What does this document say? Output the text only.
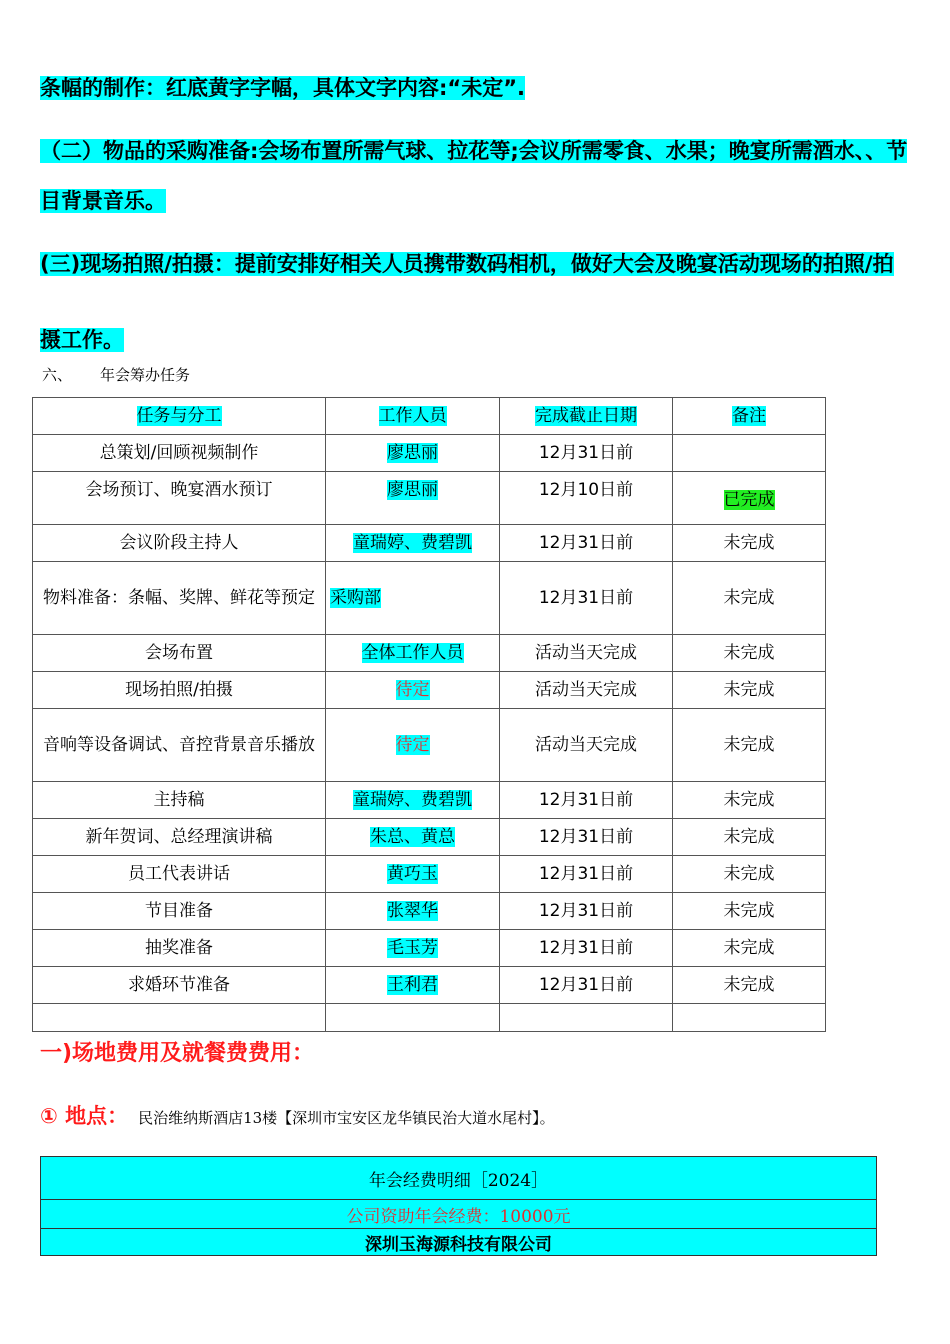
条幅的制作：红底黄字字幅，具体文字内容:“未定”.

（二）物品的采购准备:会场布置所需气球、拉花等;会议所需零食、水果；晚宴所需酒水、、节目背景音乐。

(三)现场拍照/拍摄：提前安排好相关人员携带数码相机，做好大会及晚宴活动现场的拍照/拍摄工作。

六、 年会筹办任务
任务与分工	工作人员	完成截止日期	备注
总策划/回顾视频制作	廖思丽	12月31日前	
会场预订、晚宴酒水预订	廖思丽	12月10日前	已完成
会议阶段主持人	童瑞婷、费碧凯	12月31日前	未完成
物料准备：条幅、奖牌、鲜花等预定	采购部	12月31日前	未完成
会场布置	全体工作人员	活动当天完成	未完成
现场拍照/拍摄	待定	活动当天完成	未完成
音响等设备调试、音控背景音乐播放	待定	活动当天完成	未完成
主持稿	童瑞婷、费碧凯	12月31日前	未完成
新年贺词、总经理演讲稿	朱总、黄总	12月31日前	未完成
员工代表讲话	黄巧玉	12月31日前	未完成
节目准备	张翠华	12月31日前	未完成
抽奖准备	毛玉芳	12月31日前	未完成
求婚环节准备	王利君	12月31日前	未完成

一)场地费用及就餐费费用：

① 地点： 民治维纳斯酒店13楼【深圳市宝安区龙华镇民治大道水尾村】。
年会经费明细［2024］
公司资助年会经费：10000元
深圳玉海源科技有限公司
